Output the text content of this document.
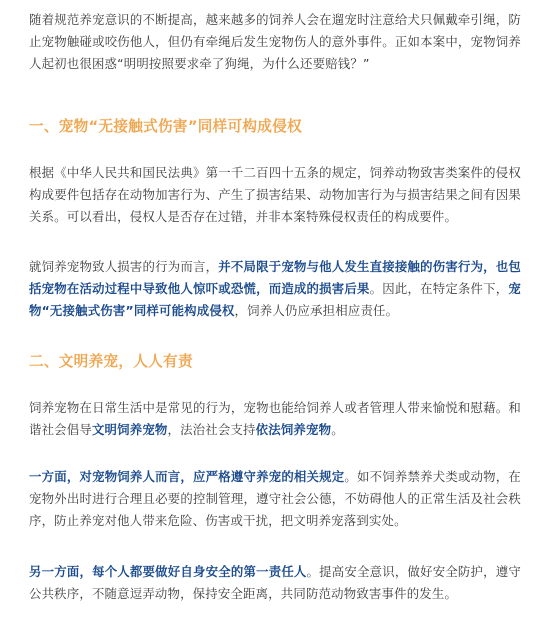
随着规范养宠意识的不断提高，越来越多的饲养人会在遛宠时注意给犬只佩戴牵引绳，防止宠物触碰或咬伤他人，但仍有牵绳后发生宠物伤人的意外事件。正如本案中，宠物饲养人起初也很困惑“明明按照要求牵了狗绳，为什么还要赔钱？”

一、宠物“无接触式伤害”同样可构成侵权

根据《中华人民共和国民法典》第一千二百四十五条的规定，饲养动物致害类案件的侵权构成要件包括存在动物加害行为、产生了损害结果、动物加害行为与损害结果之间有因果关系。可以看出，侵权人是否存在过错，并非本案特殊侵权责任的构成要件。

就饲养宠物致人损害的行为而言，并不局限于宠物与他人发生直接接触的伤害行为，也包括宠物在活动过程中导致他人惊吓或恐慌，而造成的损害后果。因此，在特定条件下，宠物“无接触式伤害”同样可能构成侵权，饲养人仍应承担相应责任。

二、文明养宠，人人有责

饲养宠物在日常生活中是常见的行为，宠物也能给饲养人或者管理人带来愉悦和慰藉。和谐社会倡导文明饲养宠物，法治社会支持依法饲养宠物。

一方面，对宠物饲养人而言，应严格遵守养宠的相关规定。如不饲养禁养犬类或动物，在宠物外出时进行合理且必要的控制管理，遵守社会公德，不妨碍他人的正常生活及社会秩序，防止养宠对他人带来危险、伤害或干扰，把文明养宠落到实处。

另一方面，每个人都要做好自身安全的第一责任人。提高安全意识，做好安全防护，遵守公共秩序，不随意逗弄动物，保持安全距离，共同防范动物致害事件的发生。
